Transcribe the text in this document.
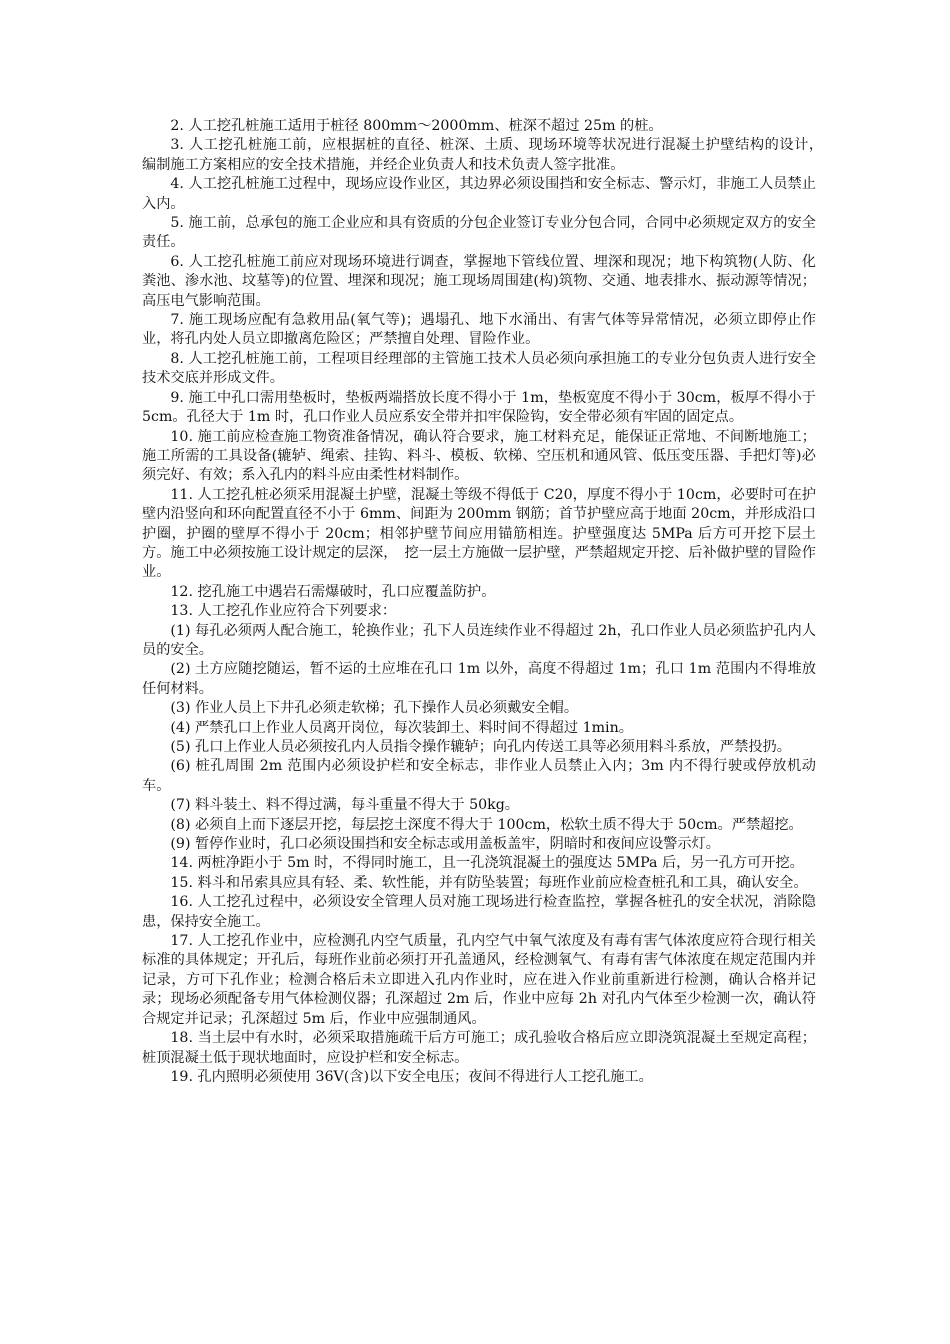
2. 人工挖孔桩施工适用于桩径 800mm～2000mm、桩深不超过 25m 的桩。

3. 人工挖孔桩施工前，应根据桩的直径、桩深、土质、现场环境等状况进行混凝土护壁结构的设计，　编制施工方案相应的安全技术措施，并经企业负责人和技术负责人签字批准。

4. 人工挖孔桩施工过程中，现场应设作业区，其边界必须设围挡和安全标志、警示灯，非施工人员禁止入内。

5. 施工前，总承包的施工企业应和具有资质的分包企业签订专业分包合同，合同中必须规定双方的安全责任。

6. 人工挖孔桩施工前应对现场环境进行调查，掌握地下管线位置、埋深和现况；地下构筑物(人防、化粪池、渗水池、坟墓等)的位置、埋深和现况；施工现场周围建(构)筑物、交通、地表排水、振动源等情况；高压电气影响范围。

7. 施工现场应配有急救用品(氧气等)；遇塌孔、地下水涌出、有害气体等异常情况，必须立即停止作业，将孔内处人员立即撤离危险区；严禁擅自处理、冒险作业。

8. 人工挖孔桩施工前，工程项目经理部的主管施工技术人员必须向承担施工的专业分包负责人进行安全技术交底并形成文件。

9. 施工中孔口需用垫板时，垫板两端搭放长度不得小于 1m，垫板宽度不得小于 30cm，板厚不得小于 5cm。孔径大于 1m 时，孔口作业人员应系安全带并扣牢保险钩，安全带必须有牢固的固定点。

10. 施工前应检查施工物资准备情况，确认符合要求，施工材料充足，能保证正常地、不间断地施工；施工所需的工具设备(辘轳、绳索、挂钩、料斗、模板、软梯、空压机和通风管、低压变压器、手把灯等)必须完好、有效；系入孔内的料斗应由柔性材料制作。

11. 人工挖孔桩必须采用混凝土护壁，混凝土等级不得低于 C20，厚度不得小于 10cm，必要时可在护壁内沿竖向和环向配置直径不小于 6mm、间距为 200mm 钢筋；首节护壁应高于地面 20cm，并形成沿口护圈，护圈的壁厚不得小于 20cm；相邻护壁节间应用锚筋相连。护壁强度达 5MPa 后方可开挖下层土方。施工中必须按施工设计规定的层深，　挖一层土方施做一层护壁，严禁超规定开挖、后补做护壁的冒险作业。

12. 挖孔施工中遇岩石需爆破时，孔口应覆盖防护。

13. 人工挖孔作业应符合下列要求：

(1) 每孔必须两人配合施工，轮换作业；孔下人员连续作业不得超过 2h，孔口作业人员必须监护孔内人员的安全。

(2) 土方应随挖随运，暂不运的土应堆在孔口 1m 以外，高度不得超过 1m；孔口 1m 范围内不得堆放任何材料。

(3) 作业人员上下井孔必须走软梯；孔下操作人员必须戴安全帽。

(4) 严禁孔口上作业人员离开岗位，每次装卸土、料时间不得超过 1min。

(5) 孔口上作业人员必须按孔内人员指令操作辘轳；向孔内传送工具等必须用料斗系放，严禁投扔。

(6) 桩孔周围 2m 范围内必须设护栏和安全标志，非作业人员禁止入内；3m 内不得行驶或停放机动车。

(7) 料斗装土、料不得过满，每斗重量不得大于 50kg。

(8) 必须自上而下逐层开挖，每层挖土深度不得大于 100cm，松软土质不得大于 50cm。严禁超挖。

(9) 暂停作业时，孔口必须设围挡和安全标志或用盖板盖牢，阴暗时和夜间应设警示灯。

14. 两桩净距小于 5m 时，不得同时施工，且一孔浇筑混凝土的强度达 5MPa 后，另一孔方可开挖。

15. 料斗和吊索具应具有轻、柔、软性能，并有防坠装置；每班作业前应检查桩孔和工具，确认安全。

16. 人工挖孔过程中，必须设安全管理人员对施工现场进行检查监控，掌握各桩孔的安全状况，消除隐患，保持安全施工。

17. 人工挖孔作业中，应检测孔内空气质量，孔内空气中氧气浓度及有毒有害气体浓度应符合现行相关标准的具体规定；开孔后，每班作业前必须打开孔盖通风，经检测氧气、有毒有害气体浓度在规定范围内并记录，方可下孔作业；检测合格后未立即进入孔内作业时，应在进入作业前重新进行检测，确认合格并记录；现场必须配备专用气体检测仪器；孔深超过 2m 后，作业中应每 2h 对孔内气体至少检测一次，确认符合规定并记录；孔深超过 5m 后，作业中应强制通风。

18. 当土层中有水时，必须采取措施疏干后方可施工；成孔验收合格后应立即浇筑混凝土至规定高程；桩顶混凝土低于现状地面时，应设护栏和安全标志。

19. 孔内照明必须使用 36V(含)以下安全电压；夜间不得进行人工挖孔施工。
